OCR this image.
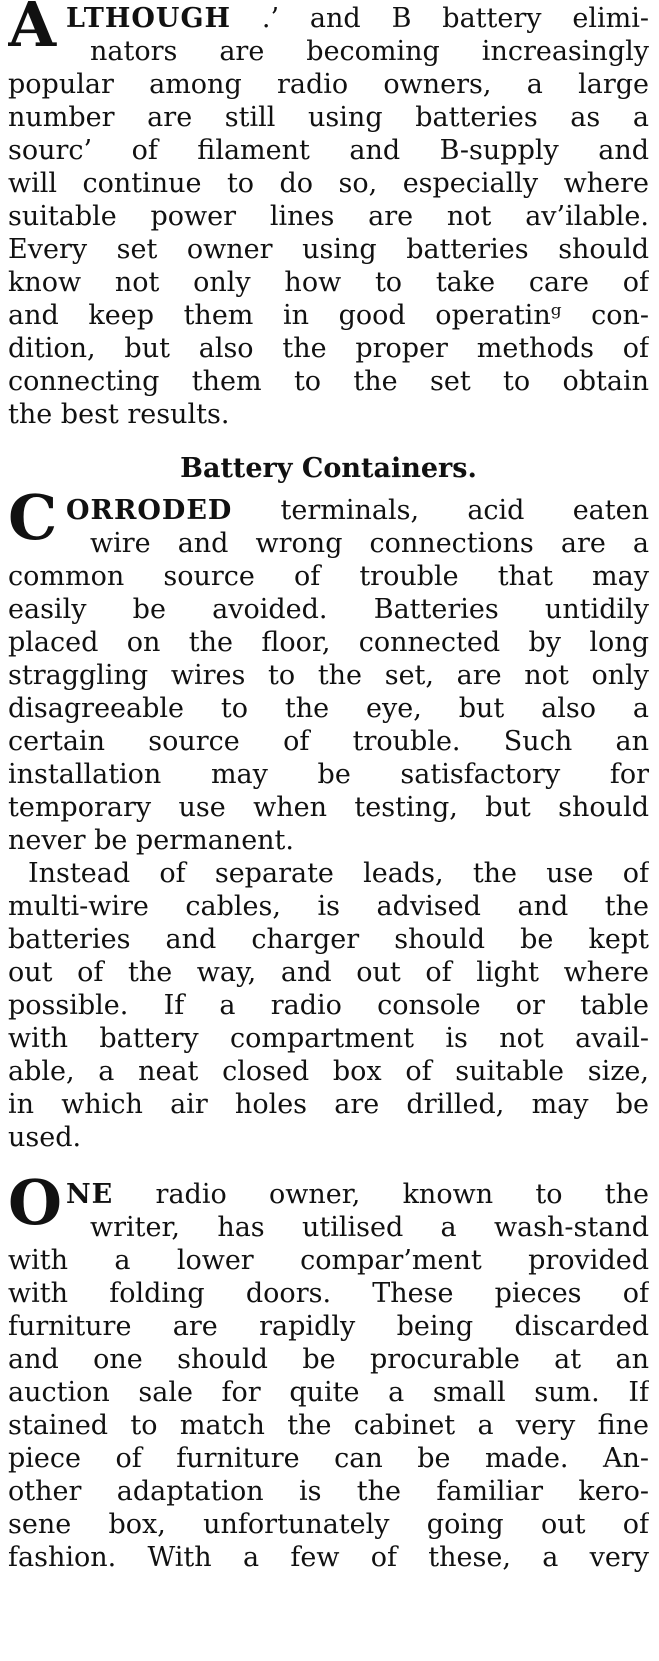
A LTHOUGH .’ and B battery elimi-
nators are becoming increasingly
popular among radio owners, a large
number are still using batteries as a
sourc’ of filament and B-supply and
will continue to do so, especially where
suitable power lines are not av’ilable.
Every set owner using batteries should
know not only how to take care of
and keep them in good operatinᵍ con-
dition, but also the proper methods of
connecting them to the set to obtain
the best results.
Battery Containers.
C ORRODED terminals, acid eaten
wire and wrong connections are a
common source of trouble that may
easily be avoided. Batteries untidily
placed on the floor, connected by long
straggling wires to the set, are not only
disagreeable to the eye, but also a
certain source of trouble. Such an
installation may be satisfactory for
temporary use when testing, but should
never be permanent.
Instead of separate leads, the use of
multi-wire cables, is advised and the
batteries and charger should be kept
out of the way, and out of light where
possible. If a radio console or table
with battery compartment is not avail-
able, a neat closed box of suitable size,
in which air holes are drilled, may be
used.
O NE radio owner, known to the
writer, has utilised a wash-stand
with a lower compar’ment provided
with folding doors. These pieces of
furniture are rapidly being discarded
and one should be procurable at an
auction sale for quite a small sum. If
stained to match the cabinet a very fine
piece of furniture can be made. An-
other adaptation is the familiar kero-
sene box, unfortunately going out of
fashion. With a few of these, a very
